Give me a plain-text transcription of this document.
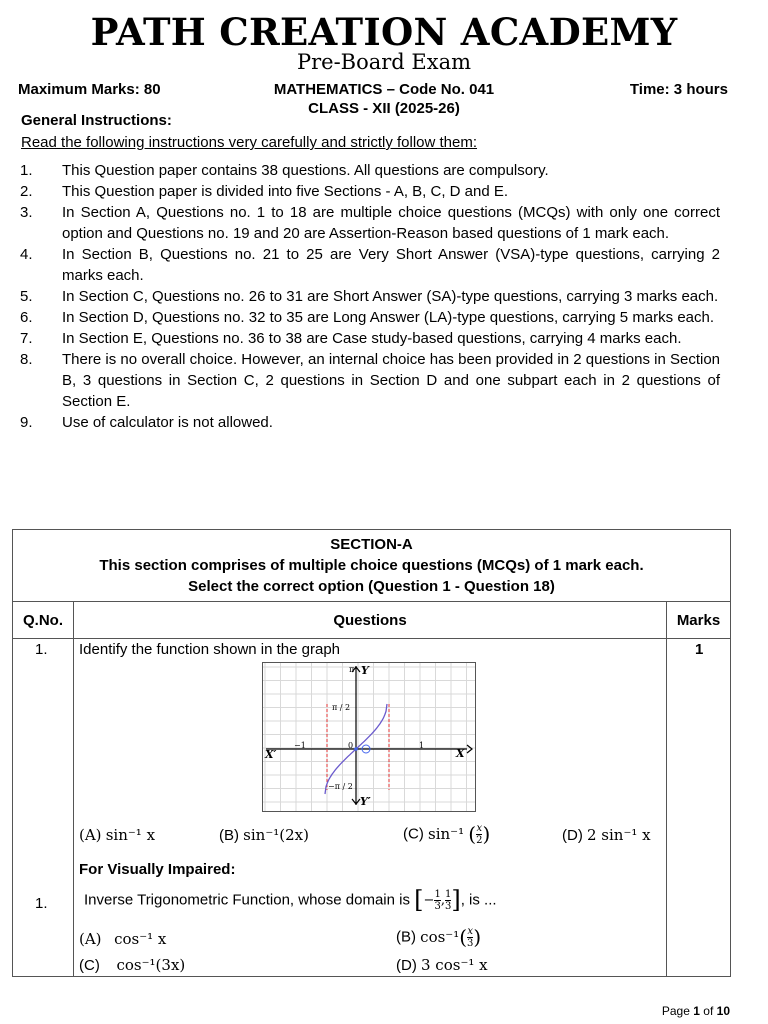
PATH CREATION ACADEMY
Pre-Board Exam
Maximum Marks: 80	MATHEMATICS – Code No. 041
CLASS - XII (2025-26)
Time: 3 hours
General Instructions:
Read the following instructions very carefully and strictly follow them:
1.	This Question paper contains 38 questions. All questions are compulsory.
2.	This Question paper is divided into five Sections - A, B, C, D and E.
3.	In Section A, Questions no. 1 to 18 are multiple choice questions (MCQs) with only one correct option and Questions no. 19 and 20 are Assertion-Reason based questions of 1 mark each.
4.	In Section B, Questions no. 21 to 25 are Very Short Answer (VSA)-type questions, carrying 2 marks each.
5.	In Section C, Questions no. 26 to 31 are Short Answer (SA)-type questions, carrying 3 marks each.
6.	In Section D, Questions no. 32 to 35 are Long Answer (LA)-type questions, carrying 5 marks each.
7.	In Section E, Questions no. 36 to 38 are Case study-based questions, carrying 4 marks each.
8.	There is no overall choice. However, an internal choice has been provided in 2 questions in Section B, 3 questions in Section C, 2 questions in Section D and one subpart each in 2 questions of Section E.
9.	Use of calculator is not allowed.
SECTION-A
This section comprises of multiple choice questions (MCQs) of 1 mark each.
Select the correct option (Question 1 - Question 18)		

Q.No.	Questions	Marks

1. Identify the function shown in the graph	1
π Y
π / 2
−π / 2
X′	X
0
−1	1
Y′
(A) sin⁻¹ x	(B) sin⁻¹(2x)	(C) sin⁻¹ ( $\frac{x}{2}$ )	(D) 2 sin⁻¹ x
For Visually Impaired:
1. Inverse Trigonometric Function, whose domain is [− $\frac{1}{3}$ , $\frac{1}{3}$ ], is ...
(A) cos⁻¹ x	(B) $\cos^{-1}( \frac{x}{3}$ )
(C) cos⁻¹(3x)	(D) 3 cos⁻¹ x
Page 1 of 10
